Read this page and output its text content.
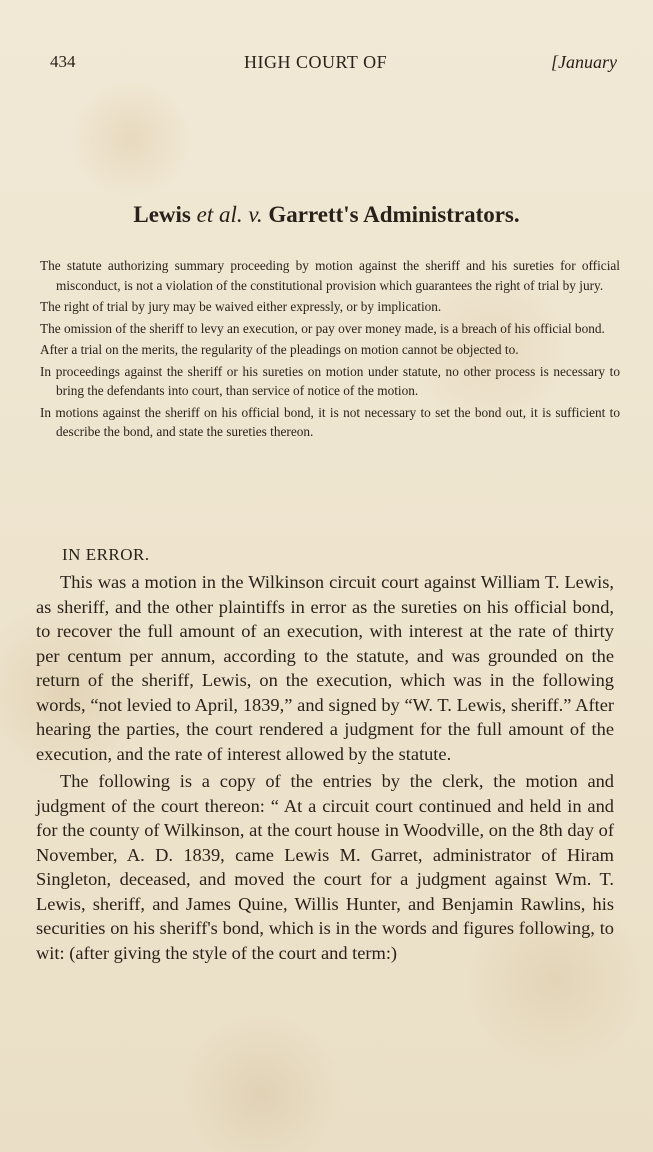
434	HIGH COURT OF	[January
Lewis et al. v. Garrett's Administrators.

The statute authorizing summary proceeding by motion against the sheriff and his sureties for official misconduct, is not a violation of the constitutional provision which guarantees the right of trial by jury.

The right of trial by jury may be waived either expressly, or by implication.

The omission of the sheriff to levy an execution, or pay over money made, is a breach of his official bond.

After a trial on the merits, the regularity of the pleadings on motion cannot be objected to.

In proceedings against the sheriff or his sureties on motion under statute, no other process is necessary to bring the defendants into court, than service of notice of the motion.

In motions against the sheriff on his official bond, it is not necessary to set the bond out, it is sufficient to describe the bond, and state the sureties thereon.

IN ERROR.

This was a motion in the Wilkinson circuit court against William T. Lewis, as sheriff, and the other plaintiffs in error as the sureties on his official bond, to recover the full amount of an execution, with interest at the rate of thirty per centum per annum, according to the statute, and was grounded on the return of the sheriff, Lewis, on the execution, which was in the following words, “not levied to April, 1839,” and signed by “W. T. Lewis, sheriff.” After hearing the parties, the court rendered a judgment for the full amount of the execution, and the rate of interest allowed by the statute.

The following is a copy of the entries by the clerk, the motion and judgment of the court thereon: “ At a circuit court continued and held in and for the county of Wilkinson, at the court house in Woodville, on the 8th day of November, A. D. 1839, came Lewis M. Garret, administrator of Hiram Singleton, deceased, and moved the court for a judgment against Wm. T. Lewis, sheriff, and James Quine, Willis Hunter, and Benjamin Rawlins, his securities on his sheriff's bond, which is in the words and figures following, to wit: (after giving the style of the court and term:)
